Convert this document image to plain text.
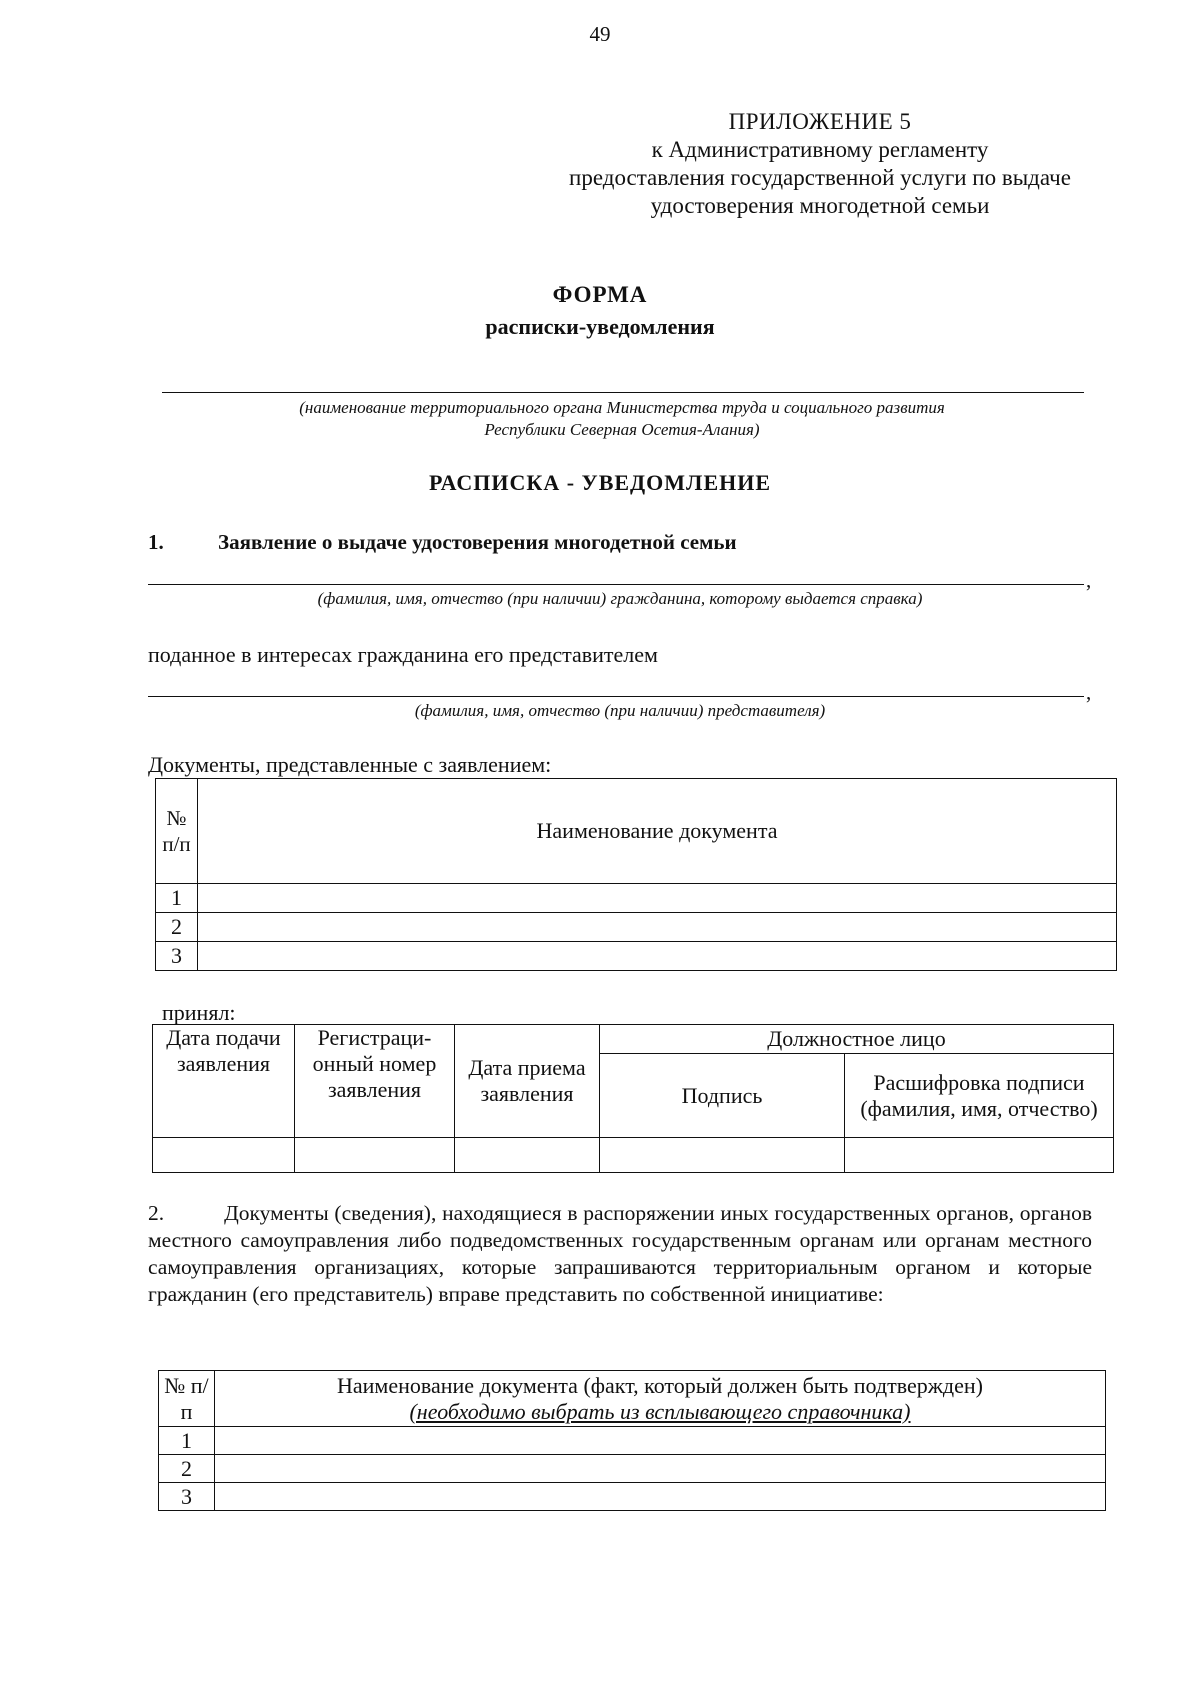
49
ПРИЛОЖЕНИЕ 5
к Административному регламенту
предоставления государственной услуги по выдаче
удостоверения многодетной семьи
ФОРМА
расписки-уведомления
(наименование территориального органа Министерства труда и социального развития
Республики Северная Осетия-Алания)
РАСПИСКА - УВЕДОМЛЕНИЕ
1.	Заявление о выдаче удостоверения многодетной семьи
,
(фамилия, имя, отчество (при наличии) гражданина, которому выдается справка)
поданное в интересах гражданина его представителем
,
(фамилия, имя, отчество (при наличии) представителя)
Документы, представленные с заявлением:
№ п/п	Наименование документа
1	
2	
3	
принял:
Дата подачи заявления	Регистраци-онный номер заявления	Дата приема заявления	Должностное лицо	
			Подпись	Расшифровка подписи (фамилия, имя, отчество)

2.	Документы (сведения), находящиеся в распоряжении иных государственных органов, органов местного самоуправления либо подведомственных государственным органам или органам местного самоуправления организациях, которые запрашиваются территориальным органом и которые гражданин (его представитель) вправе представить по собственной инициативе:
№ п/п	Наименование документа (факт, который должен быть подтвержден)
(необходимо выбрать из всплывающего справочника)

1	
2	
3	
